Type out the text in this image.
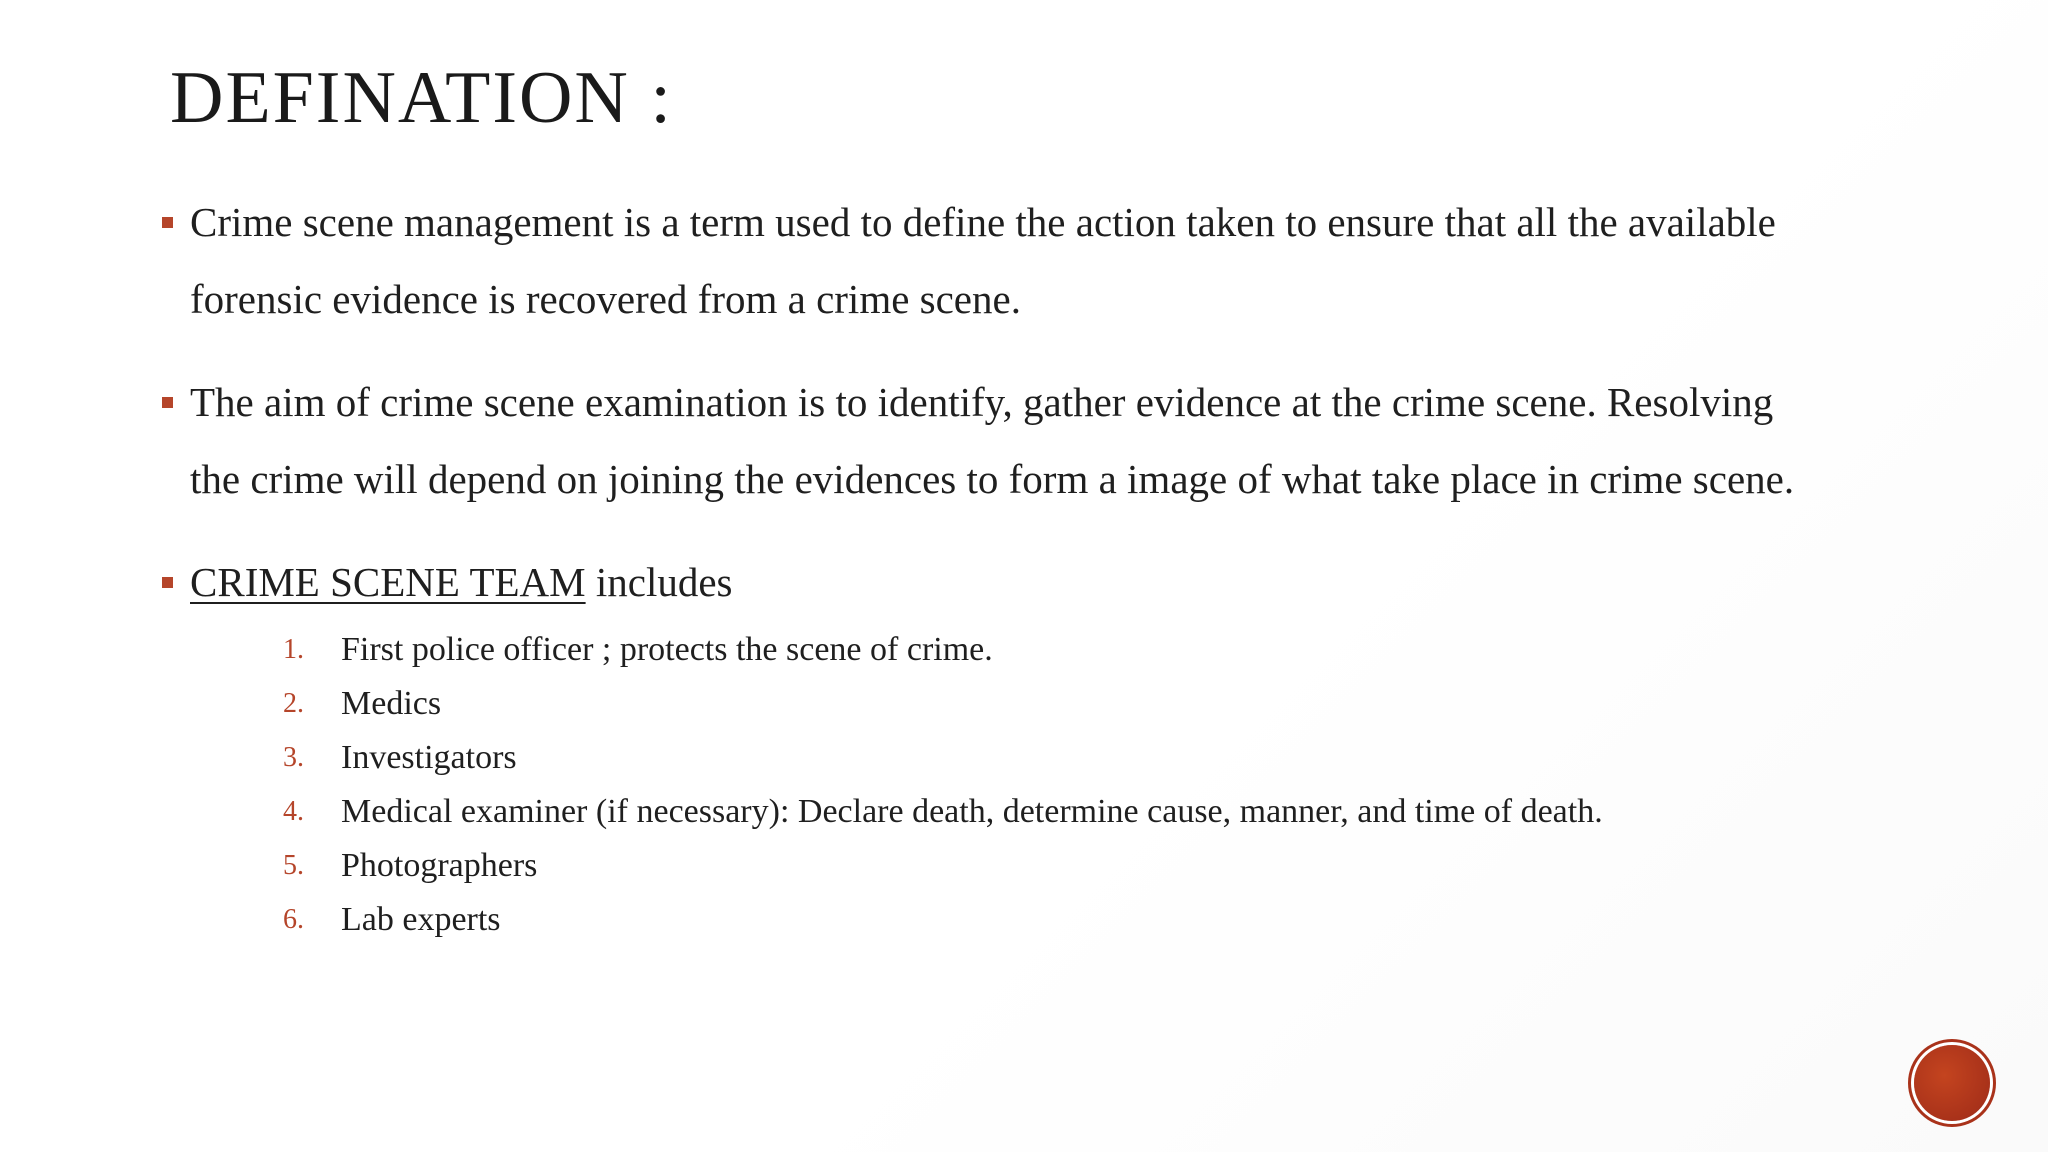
DEFINATION :
Crime scene management is a term used to define the action taken to ensure that all the available forensic evidence is recovered from a crime scene.
The aim of crime scene examination is to identify, gather evidence at the crime scene. Resolving the crime will depend on joining the evidences to form a image of what take place in crime scene.
CRIME SCENE TEAM includes
1. First police officer ; protects the scene of crime.
2. Medics
3. Investigators
4. Medical examiner (if necessary): Declare death, determine cause, manner, and time of death.
5. Photographers
6. Lab experts
